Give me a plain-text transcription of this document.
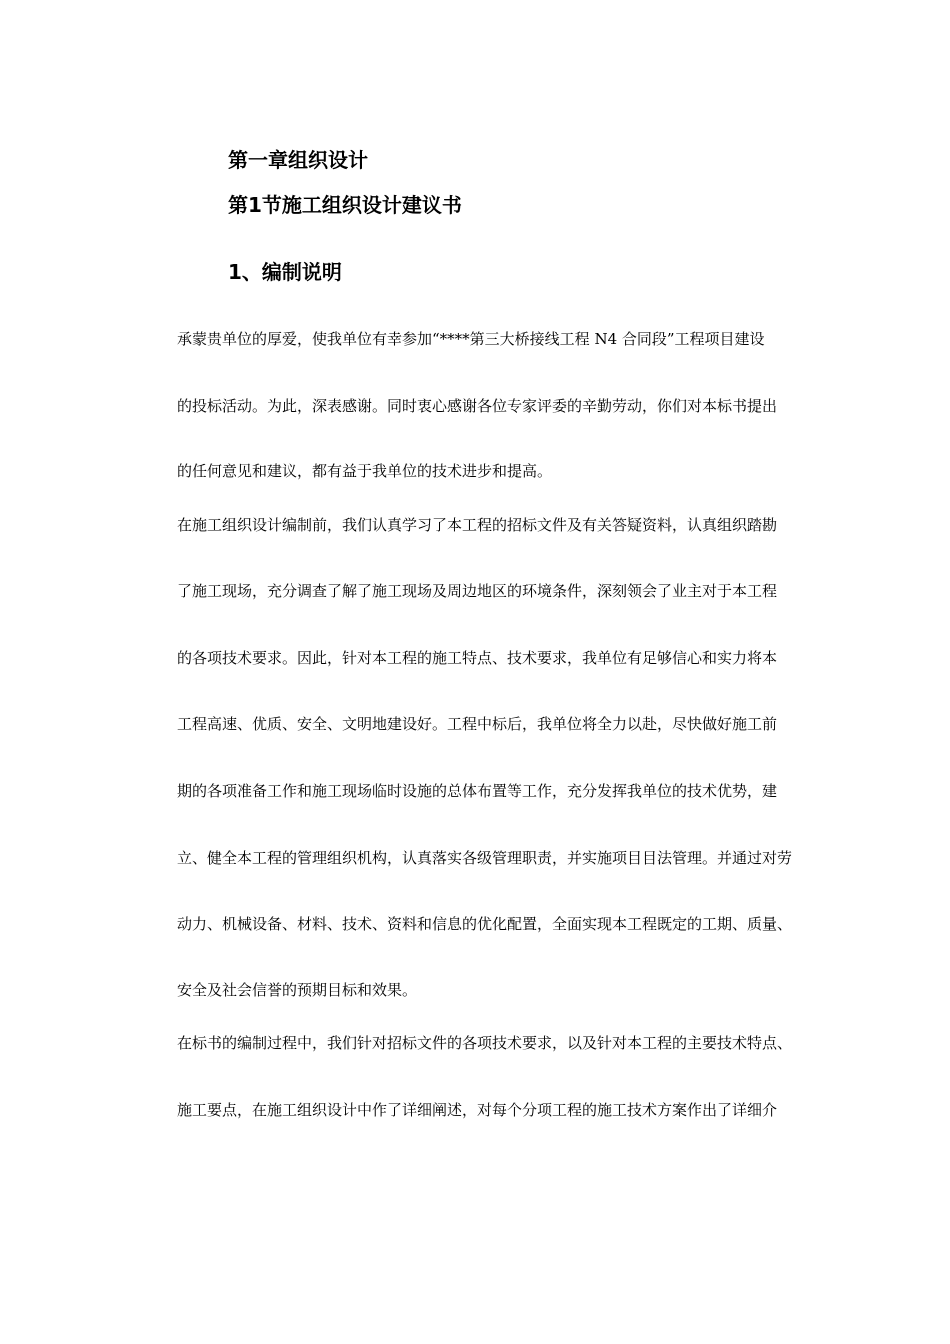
第一章组织设计
第1节施工组织设计建议书
1、编制说明

承蒙贵单位的厚爱，使我单位有幸参加“****第三大桥接线工程 N4 合同段”工程项目建设

的投标活动。为此，深表感谢。同时衷心感谢各位专家评委的辛勤劳动，你们对本标书提出

的任何意见和建议，都有益于我单位的技术进步和提高。

在施工组织设计编制前，我们认真学习了本工程的招标文件及有关答疑资料，认真组织踏勘

了施工现场，充分调查了解了施工现场及周边地区的环境条件，深刻领会了业主对于本工程

的各项技术要求。因此，针对本工程的施工特点、技术要求，我单位有足够信心和实力将本

工程高速、优质、安全、文明地建设好。工程中标后，我单位将全力以赴，尽快做好施工前

期的各项准备工作和施工现场临时设施的总体布置等工作，充分发挥我单位的技术优势，建

立、健全本工程的管理组织机构，认真落实各级管理职责，并实施项目目法管理。并通过对劳

动力、机械设备、材料、技术、资料和信息的优化配置，全面实现本工程既定的工期、质量、

安全及社会信誉的预期目标和效果。

在标书的编制过程中，我们针对招标文件的各项技术要求，以及针对本工程的主要技术特点、

施工要点，在施工组织设计中作了详细阐述，对每个分项工程的施工技术方案作出了详细介
